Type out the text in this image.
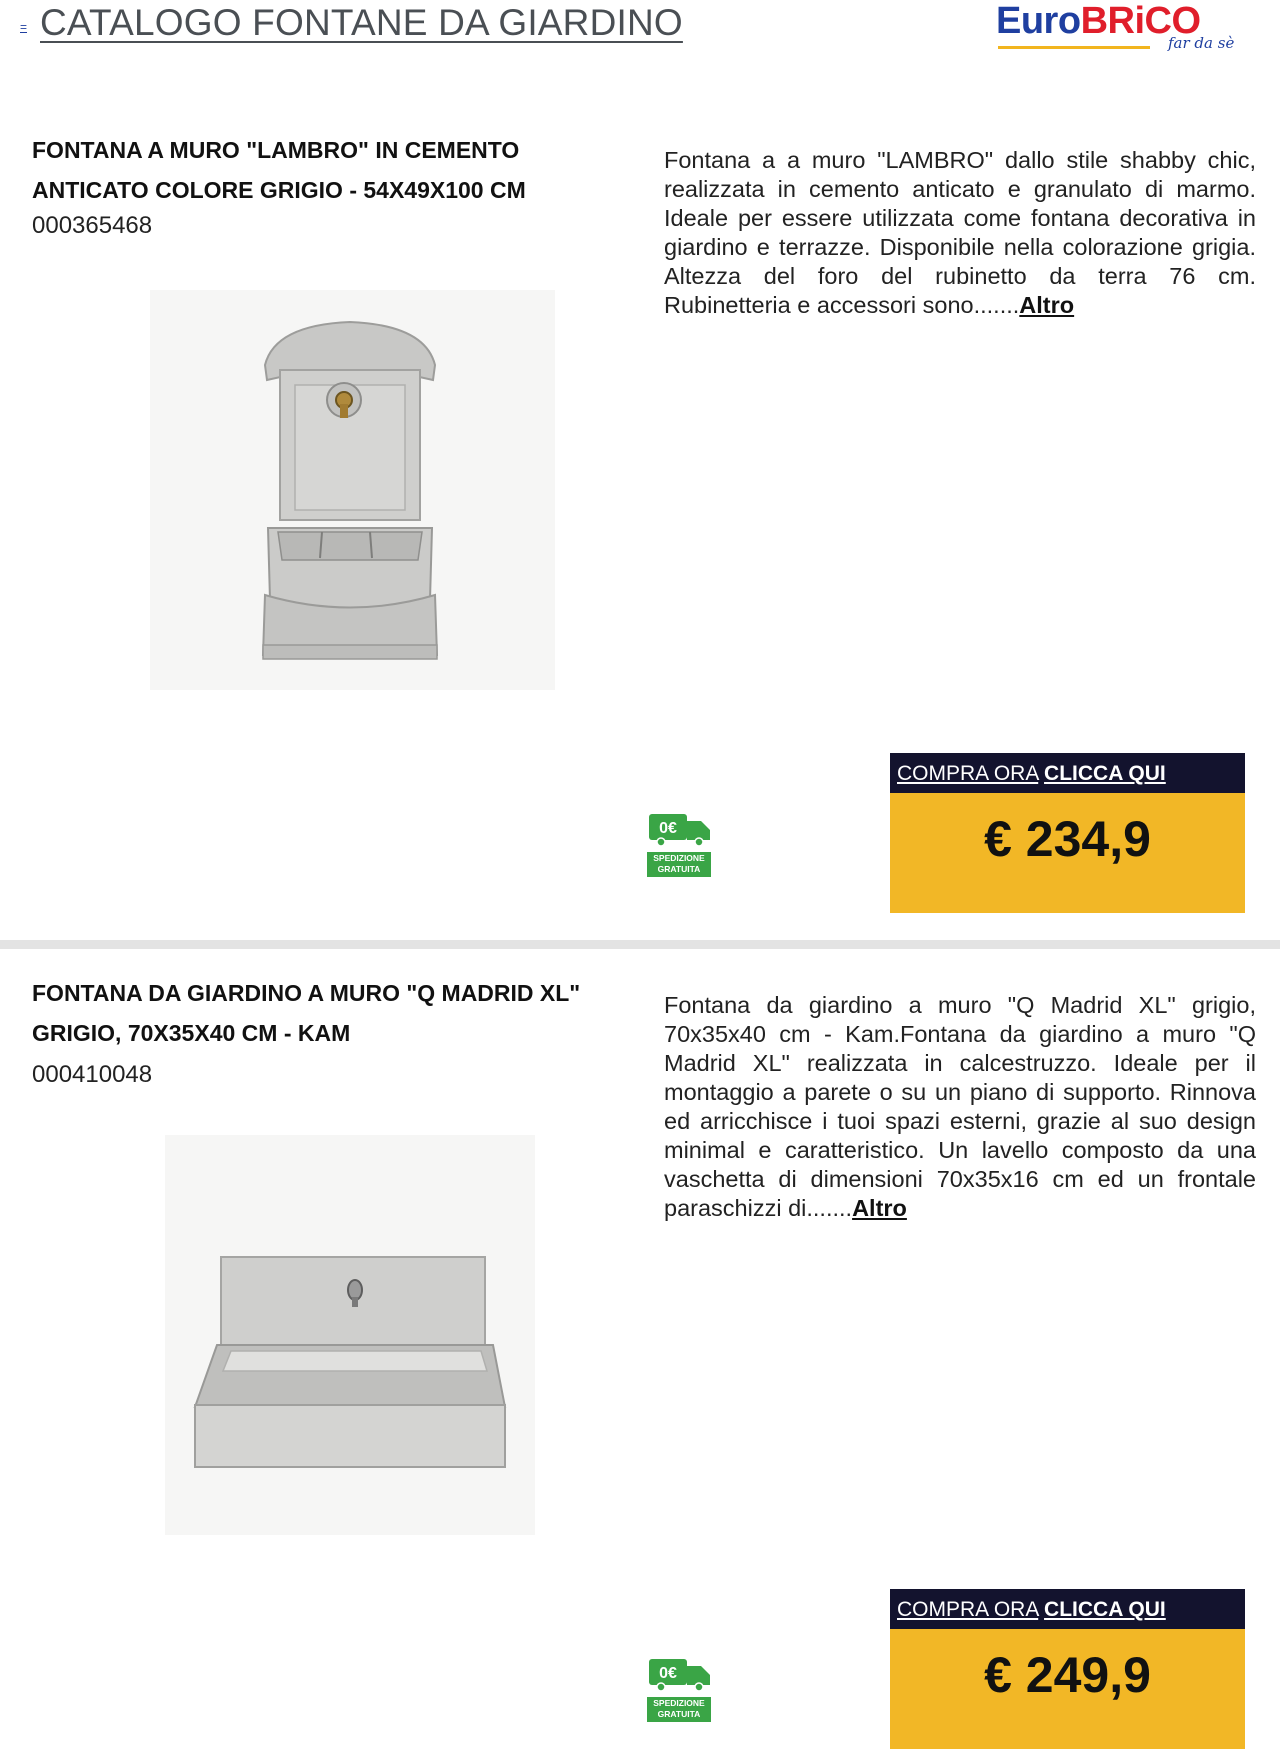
= CATALOGO FONTANE DA GIARDINO	EuroBRiCO
far da sè
FONTANA A MURO "LAMBRO" IN CEMENTO
ANTICATO COLORE GRIGIO - 54X49X100 CM
000365468
Fontana a a muro "LAMBRO" dallo stile shabby chic, realizzata in cemento anticato e granulato di marmo. Ideale per essere utilizzata come fontana decorativa in giardino e terrazze. Disponibile nella colorazione grigia. Altezza del foro del rubinetto da terra 76 cm. Rubinetteria e accessori sono.......Altro
0€
SPEDIZIONE
GRATUITA
COMPRA ORA CLICCA QUI
€ 234,9
FONTANA DA GIARDINO A MURO "Q MADRID XL"
GRIGIO, 70X35X40 CM - KAM
000410048
Fontana da giardino a muro "Q Madrid XL" grigio, 70x35x40 cm - Kam.Fontana da giardino a muro "Q Madrid XL" realizzata in calcestruzzo. Ideale per il montaggio a parete o su un piano di supporto. Rinnova ed arricchisce i tuoi spazi esterni, grazie al suo design minimal e caratteristico. Un lavello composto da una vaschetta di dimensioni 70x35x16 cm ed un frontale paraschizzi di.......Altro
0€
SPEDIZIONE
GRATUITA
COMPRA ORA CLICCA QUI
€ 249,9
